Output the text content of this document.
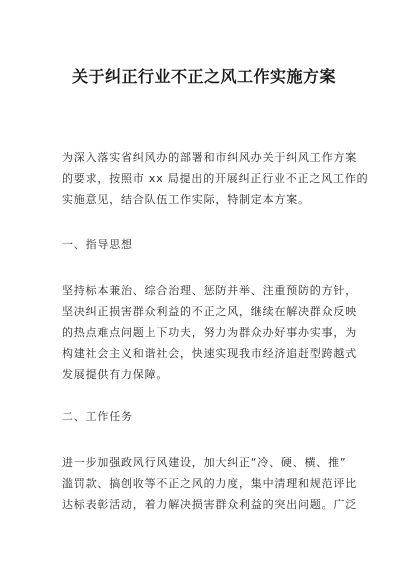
关于纠正行业不正之风工作实施方案
为深入落实省纠风办的部署和市纠风办关于纠风工作方案
的要求，按照市 xx 局提出的开展纠正行业不正之风工作的
实施意见，结合队伍工作实际，特制定本方案。
一、指导思想
坚持标本兼治、综合治理、惩防并举、注重预防的方针，
坚决纠正损害群众利益的不正之风，继续在解决群众反映
的热点难点问题上下功夫，努力为群众办好事办实事，为
构建社会主义和谐社会，快速实现我市经济追赶型跨越式
发展提供有力保障。
二、工作任务
进一步加强政风行风建设，加大纠正“冷、硬、横、推”
滥罚款、搞创收等不正之风的力度，集中清理和规范评比
达标表彰活动，着力解决损害群众利益的突出问题。广泛
